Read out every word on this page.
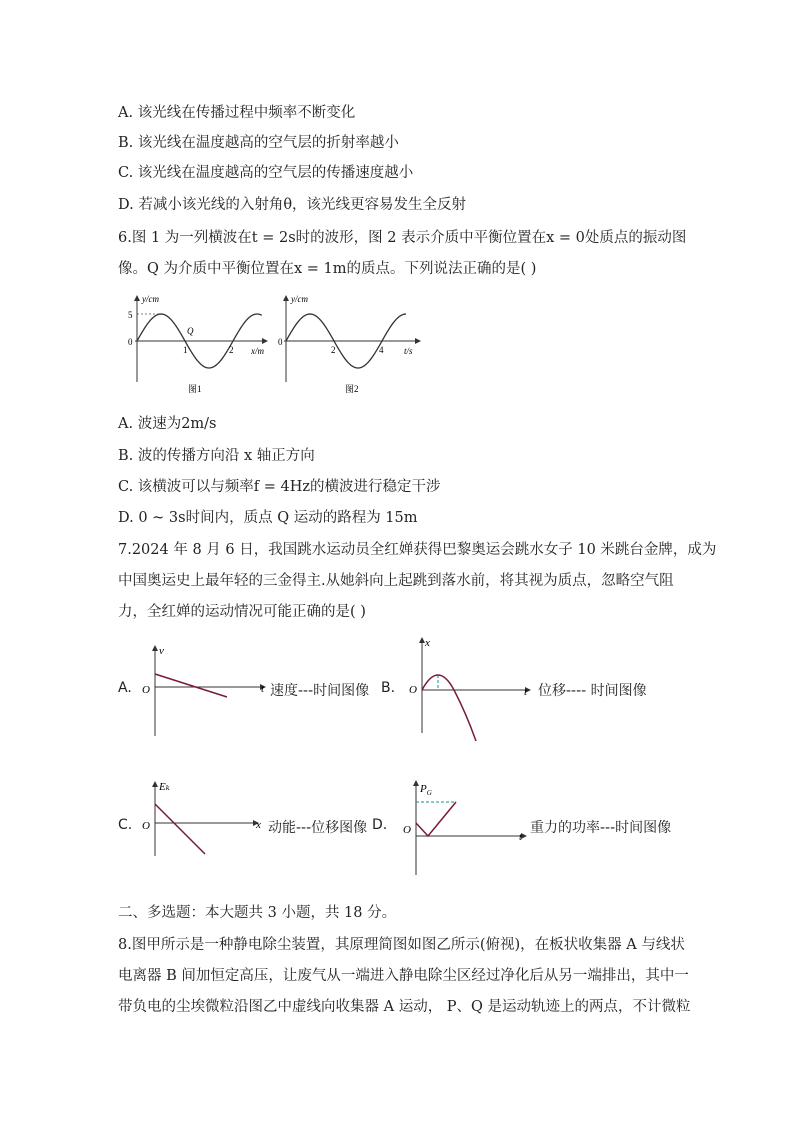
A. 该光线在传播过程中频率不断变化
B. 该光线在温度越高的空气层的折射率越小
C. 该光线在温度越高的空气层的传播速度越小
D. 若减小该光线的入射角θ，该光线更容易发生全反射
6.图 1 为一列横波在t = 2s时的波形，图 2 表示介质中平衡位置在x = 0处质点的振动图
像。Q 为介质中平衡位置在x = 1m的质点。下列说法正确的是( )
y/cm
5
0
Q
1	2 x/m
图1
y/cm
0
2	4 t/s
图2
A. 波速为2m/s
B. 波的传播方向沿 x 轴正方向
C. 该横波可以与频率f = 4Hz的横波进行稳定干涉
D. 0 ~ 3s时间内，质点 Q 运动的路程为 15m
7.2024 年 8 月 6 日，我国跳水运动员全红婵获得巴黎奥运会跳水女子 10 米跳台金牌，成为
中国奥运史上最年轻的三金得主.从她斜向上起跳到落水前，将其视为质点，忽略空气阻
力，全红婵的运动情况可能正确的是( )
A.
v
O	t 速度---时间图像 B.
x
O	t 位移---- 时间图像
C.
Eₖ
O	x 动能---位移图像 D.
$P_G$
O
t
重力的功率---时间图像
二、多选题：本大题共 3 小题，共 18 分。
8.图甲所示是一种静电除尘装置，其原理简图如图乙所示(俯视)，在板状收集器 A 与线状
电离器 B 间加恒定高压，让废气从一端进入静电除尘区经过净化后从另一端排出，其中一
带负电的尘埃微粒沿图乙中虚线向收集器 A 运动， P、Q 是运动轨迹上的两点，不计微粒
